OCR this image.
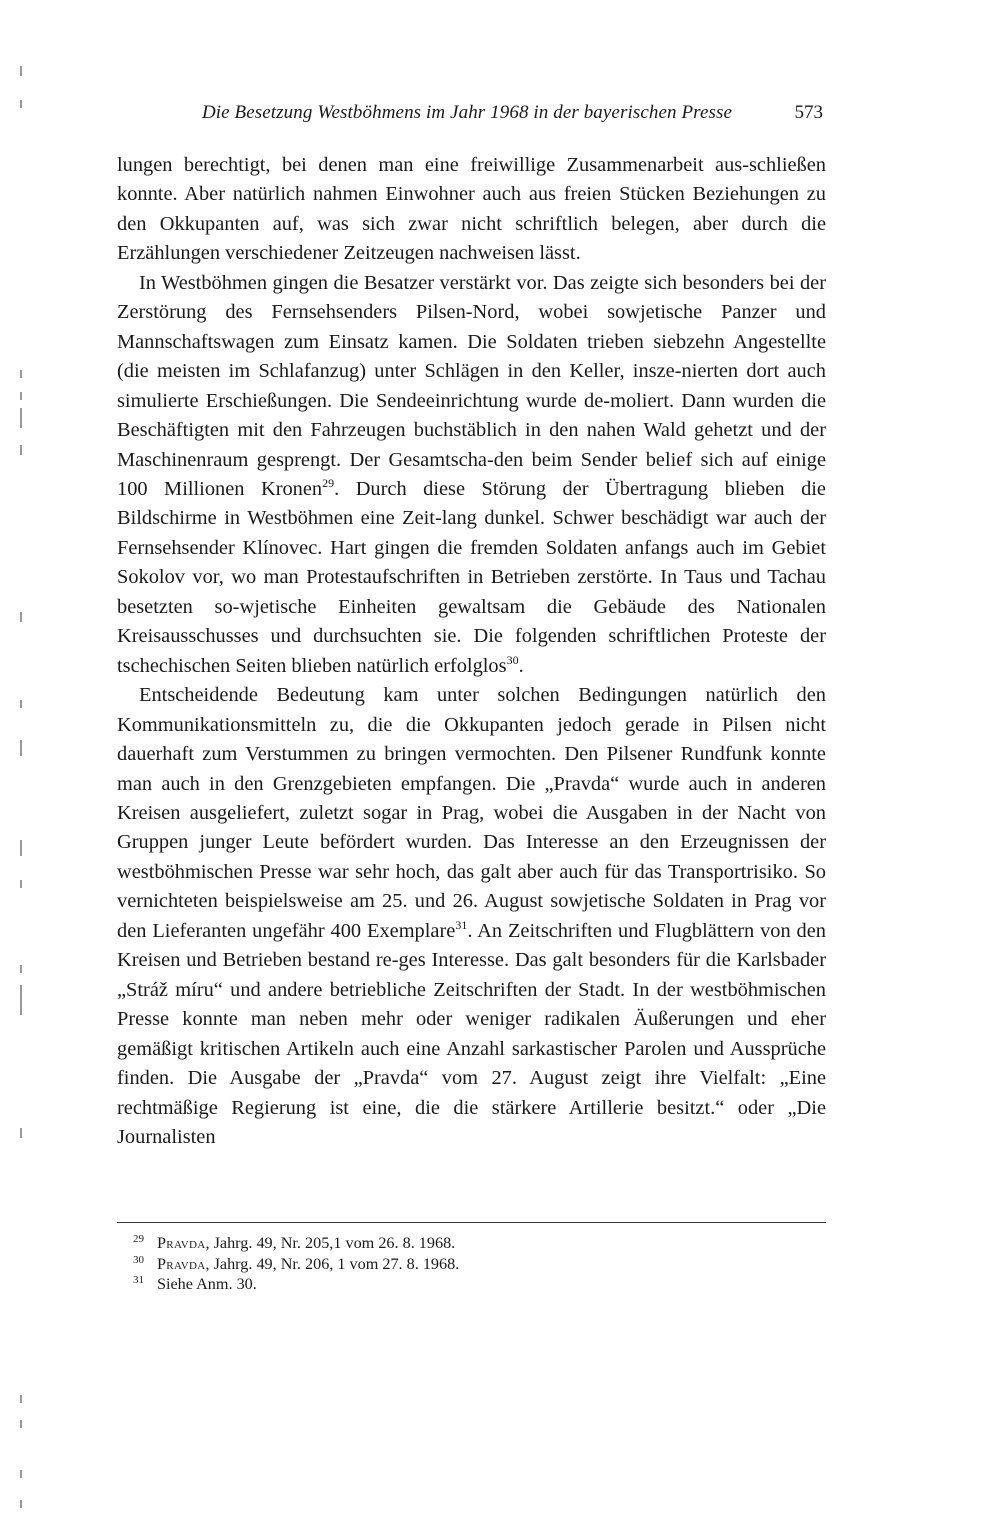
Die Besetzung Westböhmens im Jahr 1968 in der bayerischen Presse	573

lungen berechtigt, bei denen man eine freiwillige Zusammenarbeit aus-schließen konnte. Aber natürlich nahmen Einwohner auch aus freien Stücken Beziehungen zu den Okkupanten auf, was sich zwar nicht schriftlich belegen, aber durch die Erzählungen verschiedener Zeitzeugen nachweisen lässt.

In Westböhmen gingen die Besatzer verstärkt vor. Das zeigte sich besonders bei der Zerstörung des Fernsehsenders Pilsen-Nord, wobei sowjetische Panzer und Mannschaftswagen zum Einsatz kamen. Die Soldaten trieben siebzehn Angestellte (die meisten im Schlafanzug) unter Schlägen in den Keller, insze-nierten dort auch simulierte Erschießungen. Die Sendeeinrichtung wurde de-moliert. Dann wurden die Beschäftigten mit den Fahrzeugen buchstäblich in den nahen Wald gehetzt und der Maschinenraum gesprengt. Der Gesamtscha-den beim Sender belief sich auf einige 100 Millionen Kronen$^{29}$. Durch diese Störung der Übertragung blieben die Bildschirme in Westböhmen eine Zeit-lang dunkel. Schwer beschädigt war auch der Fernsehsender Klínovec. Hart gingen die fremden Soldaten anfangs auch im Gebiet Sokolov vor, wo man Protestaufschriften in Betrieben zerstörte. In Taus und Tachau besetzten so-wjetische Einheiten gewaltsam die Gebäude des Nationalen Kreisausschusses und durchsuchten sie. Die folgenden schriftlichen Proteste der tschechischen Seiten blieben natürlich erfolglos$^{30}$.

Entscheidende Bedeutung kam unter solchen Bedingungen natürlich den Kommunikationsmitteln zu, die die Okkupanten jedoch gerade in Pilsen nicht dauerhaft zum Verstummen zu bringen vermochten. Den Pilsener Rundfunk konnte man auch in den Grenzgebieten empfangen. Die „Pravda“ wurde auch in anderen Kreisen ausgeliefert, zuletzt sogar in Prag, wobei die Ausgaben in der Nacht von Gruppen junger Leute befördert wurden. Das Interesse an den Erzeugnissen der westböhmischen Presse war sehr hoch, das galt aber auch für das Transportrisiko. So vernichteten beispielsweise am 25. und 26. August sowjetische Soldaten in Prag vor den Lieferanten ungefähr 400 Exemplare$^{31}$. An Zeitschriften und Flugblättern von den Kreisen und Betrieben bestand re-ges Interesse. Das galt besonders für die Karlsbader „Stráž míru“ und andere betriebliche Zeitschriften der Stadt. In der westböhmischen Presse konnte man neben mehr oder weniger radikalen Äußerungen und eher gemäßigt kritischen Artikeln auch eine Anzahl sarkastischer Parolen und Aussprüche finden. Die Ausgabe der „Pravda“ vom 27. August zeigt ihre Vielfalt: „Eine rechtmäßige Regierung ist eine, die die stärkere Artillerie besitzt.“ oder „Die Journalisten

29 Pravda, Jahrg. 49, Nr. 205,1 vom 26. 8. 1968.
30 Pravda, Jahrg. 49, Nr. 206, 1 vom 27. 8. 1968.
31 Siehe Anm. 30.
